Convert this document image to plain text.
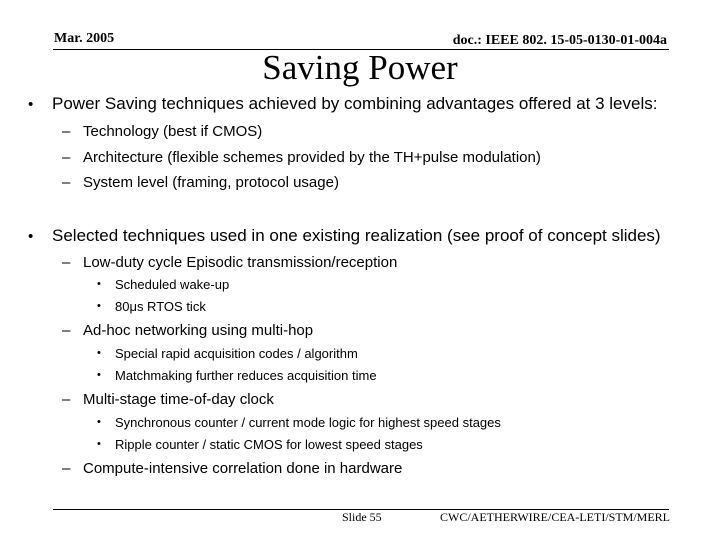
Mar. 2005	doc.: IEEE 802. 15-05-0130-01-004a
Saving Power
• Power Saving techniques achieved by combining advantages offered at 3 levels:
– Technology (best if CMOS)
– Architecture (flexible schemes provided by the TH+pulse modulation)
– System level (framing, protocol usage)
• Selected techniques used in one existing realization (see proof of concept slides)
– Low-duty cycle Episodic transmission/reception
• Scheduled wake-up
• 80μs RTOS tick
– Ad-hoc networking using multi-hop
• Special rapid acquisition codes / algorithm
• Matchmaking further reduces acquisition time
– Multi-stage time-of-day clock
• Synchronous counter / current mode logic for highest speed stages
• Ripple counter / static CMOS for lowest speed stages
– Compute-intensive correlation done in hardware
Slide 55	CWC/AETHERWIRE/CEA-LETI/STM/MERL
